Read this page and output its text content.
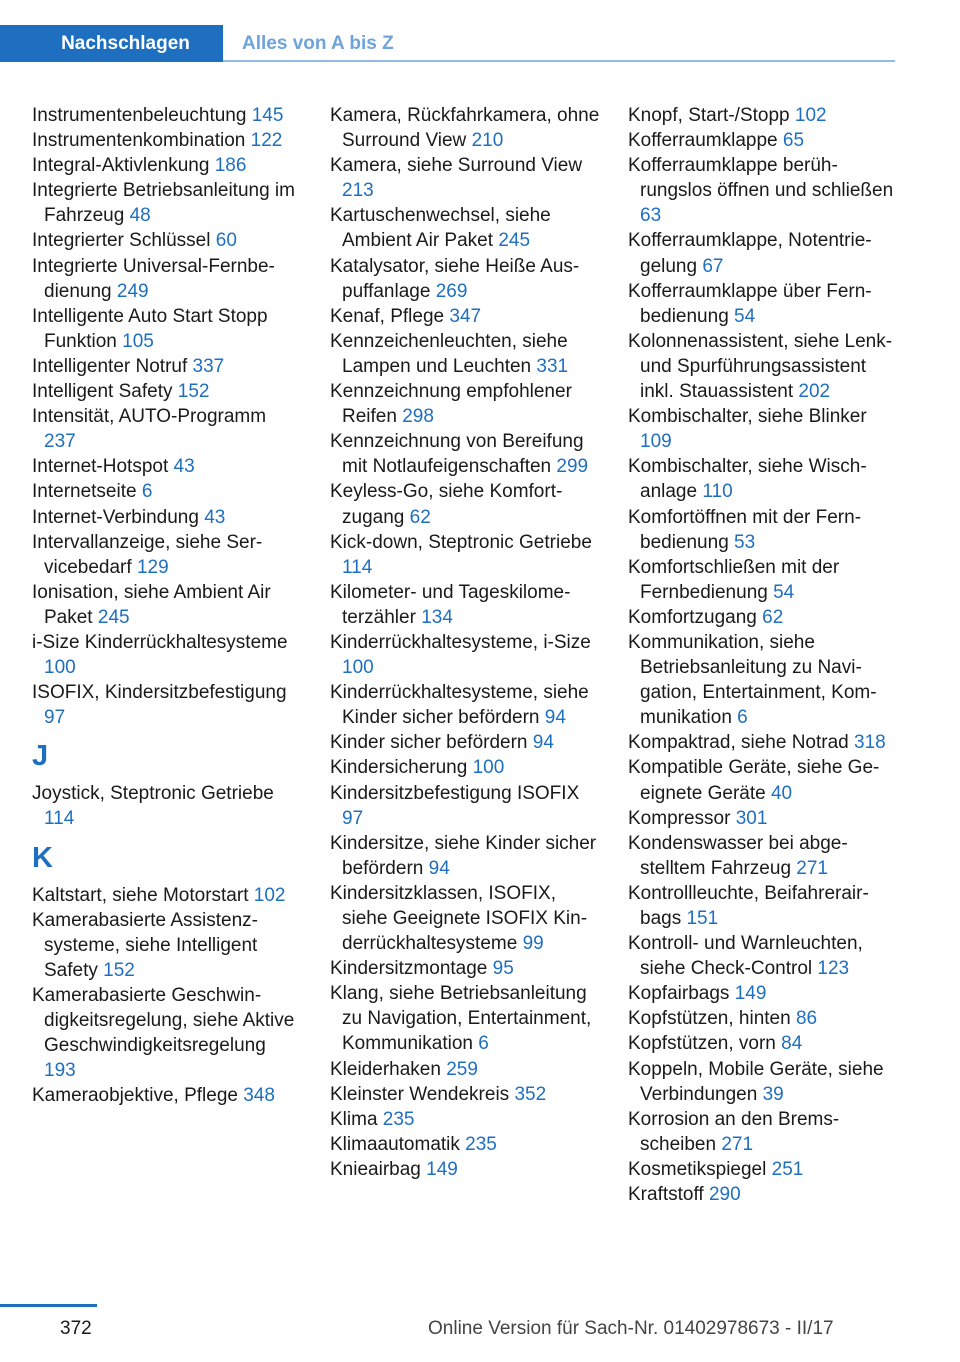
Nachschlagen	Alles von A bis Z

Instrumentenbeleuchtung 145

Instrumentenkombination 122

Integral-Aktivlenkung 186

Integrierte Betriebsanleitung im Fahrzeug 48

Integrierter Schlüssel 60

Integrierte Universal-Fernbedienung 249

Intelligente Auto Start Stopp Funktion 105

Intelligenter Notruf 337

Intelligent Safety 152

Intensität, AUTO-Programm 237

Internet-Hotspot 43

Internetseite 6

Internet-Verbindung 43

Intervallanzeige, siehe Servicebedarf 129

Ionisation, siehe Ambient Air Paket 245

i-Size Kinderrückhaltesysteme 100

ISOFIX, Kindersitzbefestigung 97

J

Joystick, Steptronic Getriebe 114

K

Kaltstart, siehe Motorstart 102

Kamerabasierte Assistenzsysteme, siehe Intelligent Safety 152

Kamerabasierte Geschwindigkeitsregelung, siehe Aktive Geschwindigkeitsregelung 193

Kameraobjektive, Pflege 348

Kamera, Rückfahrkamera, ohne Surround View 210

Kamera, siehe Surround View 213

Kartuschenwechsel, siehe Ambient Air Paket 245

Katalysator, siehe Heiße Auspuffanlage 269

Kenaf, Pflege 347

Kennzeichenleuchten, siehe Lampen und Leuchten 331

Kennzeichnung empfohlener Reifen 298

Kennzeichnung von Bereifung mit Notlaufeigenschaften 299

Keyless-Go, siehe Komfortzugang 62

Kick-down, Steptronic Getriebe 114

Kilometer- und Tageskilometerzähler 134

Kinderrückhaltesysteme, i-Size 100

Kinderrückhaltesysteme, siehe Kinder sicher befördern 94

Kinder sicher befördern 94

Kindersicherung 100

Kindersitzbefestigung ISOFIX 97

Kindersitze, siehe Kinder sicher befördern 94

Kindersitzklassen, ISOFIX, siehe Geeignete ISOFIX Kinderrückhaltesysteme 99

Kindersitzmontage 95

Klang, siehe Betriebsanleitung zu Navigation, Entertainment, Kommunikation 6

Kleiderhaken 259

Kleinster Wendekreis 352

Klima 235

Klimaautomatik 235

Knieairbag 149

Knopf, Start-/Stopp 102

Kofferraumklappe 65

Kofferraumklappe berührungslos öffnen und schließen 63

Kofferraumklappe, Notentriegelung 67

Kofferraumklappe über Fernbedienung 54

Kolonnenassistent, siehe Lenk- und Spurführungsassistent inkl. Stauassistent 202

Kombischalter, siehe Blinker 109

Kombischalter, siehe Wischanlage 110

Komfortöffnen mit der Fernbedienung 53

Komfortschließen mit der Fernbedienung 54

Komfortzugang 62

Kommunikation, siehe Betriebsanleitung zu Navigation, Entertainment, Kommunikation 6

Kompaktrad, siehe Notrad 318

Kompatible Geräte, siehe Geeignete Geräte 40

Kompressor 301

Kondenswasser bei abgestelltem Fahrzeug 271

Kontrollleuchte, Beifahrerairbags 151

Kontroll- und Warnleuchten, siehe Check-Control 123

Kopfairbags 149

Kopfstützen, hinten 86

Kopfstützen, vorn 84

Koppeln, Mobile Geräte, siehe Verbindungen 39

Korrosion an den Bremsscheiben 271

Kosmetikspiegel 251

Kraftstoff 290

372	Online Version für Sach-Nr. 01402978673 - II/17
